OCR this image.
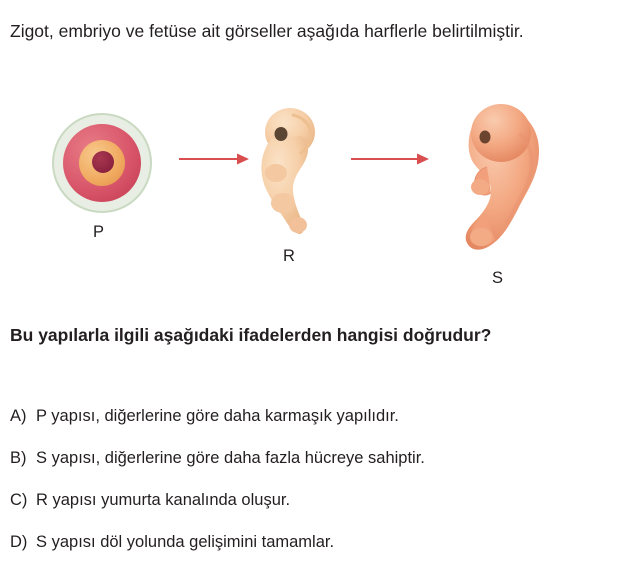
Zigot, embriyo ve fetüse ait görseller aşağıda harflerle belirtilmiştir.
P
R
S
Bu yapılarla ilgili aşağıdaki ifadelerden hangisi doğrudur?
A) P yapısı, diğerlerine göre daha karmaşık yapılıdır.
B) S yapısı, diğerlerine göre daha fazla hücreye sahiptir.
C) R yapısı yumurta kanalında oluşur.
D) S yapısı döl yolunda gelişimini tamamlar.
